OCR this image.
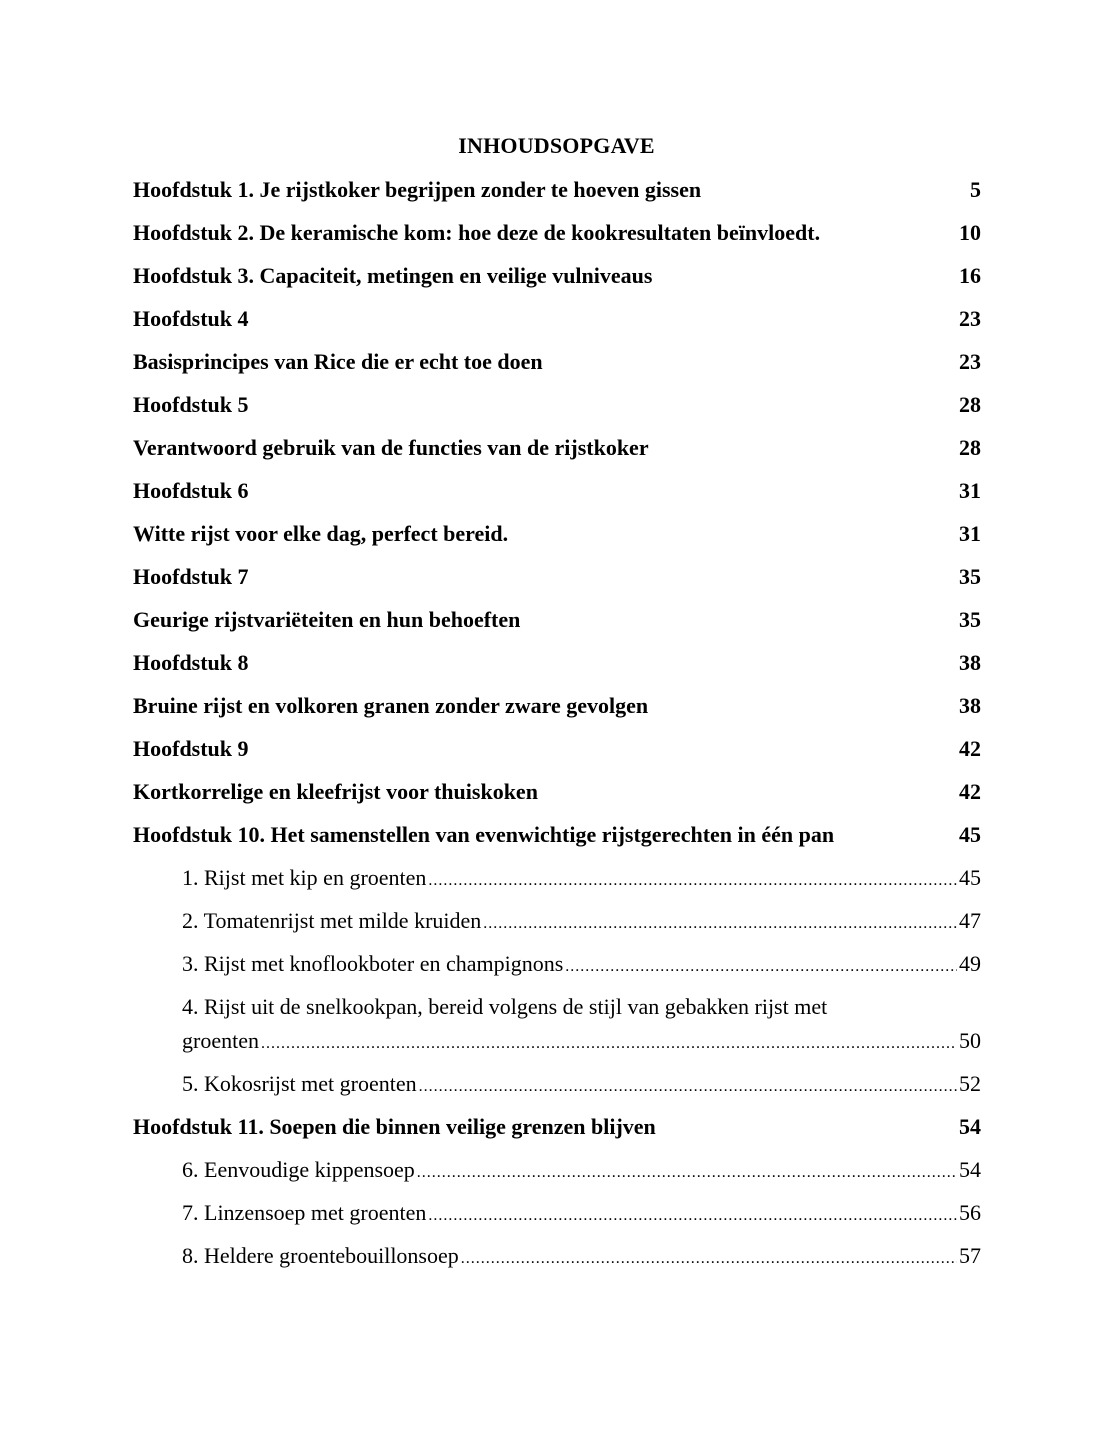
INHOUDSOPGAVE
Hoofdstuk 1. Je rijstkoker begrijpen zonder te hoeven gissen	5
Hoofdstuk 2. De keramische kom: hoe deze de kookresultaten beïnvloedt.	10
Hoofdstuk 3. Capaciteit, metingen en veilige vulniveaus	16
Hoofdstuk 4	23
Basisprincipes van Rice die er echt toe doen	23
Hoofdstuk 5	28
Verantwoord gebruik van de functies van de rijstkoker	28
Hoofdstuk 6	31
Witte rijst voor elke dag, perfect bereid.	31
Hoofdstuk 7	35
Geurige rijstvariëteiten en hun behoeften	35
Hoofdstuk 8	38
Bruine rijst en volkoren granen zonder zware gevolgen	38
Hoofdstuk 9	42
Kortkorrelige en kleefrijst voor thuiskoken	42
Hoofdstuk 10. Het samenstellen van evenwichtige rijstgerechten in één pan	45
1. Rijst met kip en groenten .....	45
2. Tomatenrijst met milde kruiden .....	47
3. Rijst met knoflookboter en champignons .....	49
4. Rijst uit de snelkookpan, bereid volgens de stijl van gebakken rijst met
groenten .....	50
5. Kokosrijst met groenten .....	52
Hoofdstuk 11. Soepen die binnen veilige grenzen blijven	54
6. Eenvoudige kippensoep .....	54
7. Linzensoep met groenten .....	56
8. Heldere groentebouillonsoep .....	57
